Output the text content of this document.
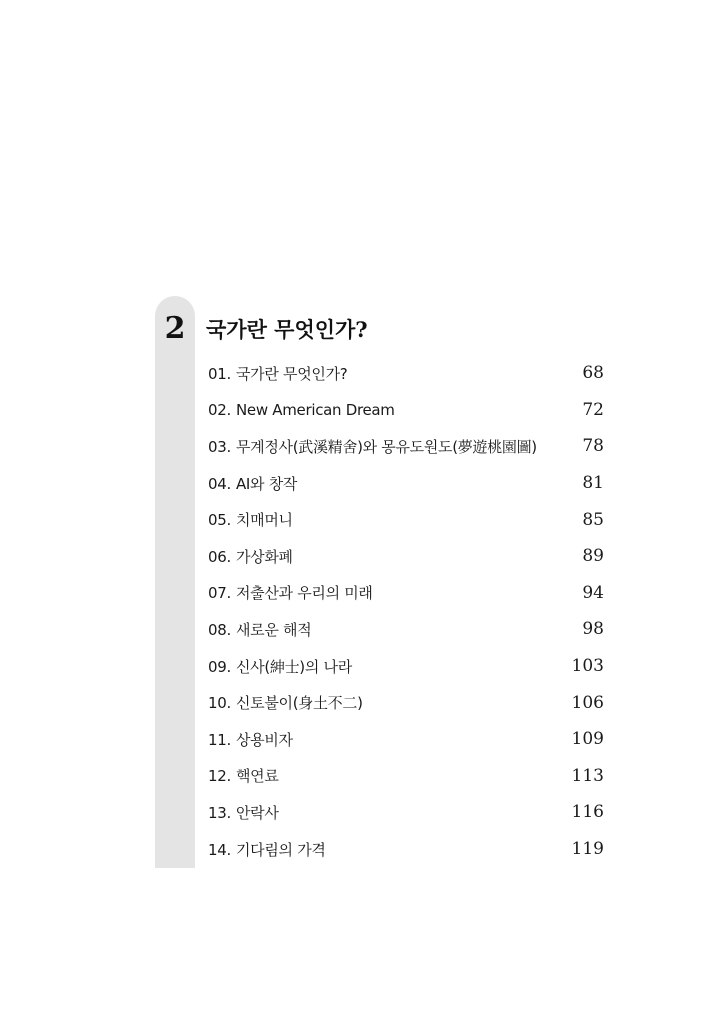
2 국가란 무엇인가?
01. 국가란 무엇인가?	68
02. New American Dream	72
03. 무계정사(武溪精舍)와 몽유도원도(夢遊桃園圖)	78
04. AI와 창작	81
05. 치매머니	85
06. 가상화폐	89
07. 저출산과 우리의 미래	94
08. 새로운 해적	98
09. 신사(紳士)의 나라	103
10. 신토불이(身土不二)	106
11. 상용비자	109
12. 핵연료	113
13. 안락사	116
14. 기다림의 가격	119
